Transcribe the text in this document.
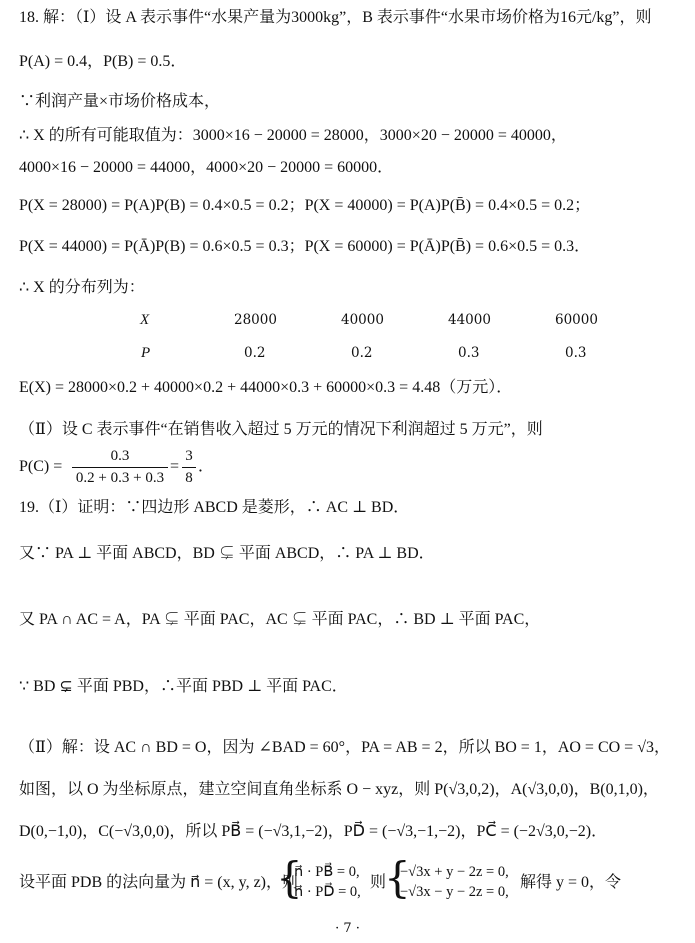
18. 解：（Ⅰ）设 A 表示事件“水果产量为3000kg”，B 表示事件“水果市场价格为16元/kg”，则
P(A) = 0.4，P(B) = 0.5．
∵利润产量×市场价格成本，
∴ X 的所有可能取值为：3000×16 − 20000 = 28000，3000×20 − 20000 = 40000，
4000×16 − 20000 = 44000，4000×20 − 20000 = 60000．
P(X = 28000) = P(A)P(B) = 0.4×0.5 = 0.2；P(X = 40000) = P(A)P(B̄) = 0.4×0.5 = 0.2；
P(X = 44000) = P(Ā)P(B) = 0.6×0.5 = 0.3；P(X = 60000) = P(Ā)P(B̄) = 0.6×0.5 = 0.3．
∴ X 的分布列为：
X	28000	40000	44000	60000
P	0.2	0.2	0.3	0.3
E(X) = 28000×0.2 + 40000×0.2 + 44000×0.3 + 60000×0.3 = 4.48（万元）．
（Ⅱ）设 C 表示事件“在销售收入超过 5 万元的情况下利润超过 5 万元”，则
P(C) =
0.3
0.2 + 0.3 + 0.3
=
3
8
．
19.（Ⅰ）证明：∵四边形 ABCD 是菱形，∴ AC ⊥ BD．
又∵ PA ⊥ 平面 ABCD，BD ⊊ 平面 ABCD，∴ PA ⊥ BD．
又 PA ∩ AC = A，PA ⊊ 平面 PAC，AC ⊊ 平面 PAC，∴ BD ⊥ 平面 PAC，
∵ BD ⊊ 平面 PBD，∴平面 PBD ⊥ 平面 PAC．
（Ⅱ）解：设 AC ∩ BD = O，因为 ∠BAD = 60°，PA = AB = 2，所以 BO = 1，AO = CO = √3，
如图，以 O 为坐标原点，建立空间直角坐标系 O − xyz，则 P(√3,0,2)，A(√3,0,0)，B(0,1,0)，
D(0,−1,0)，C(−√3,0,0)，所以 PB⃗ = (−√3,1,−2)，PD⃗ = (−√3,−1,−2)，PC⃗ = (−2√3,0,−2)．
设平面 PDB 的法向量为 n⃗ = (x, y, z)，则
{
n⃗ · PB⃗ = 0,
n⃗ · PD⃗ = 0,
则
{
−√3x + y − 2z = 0,
−√3x − y − 2z = 0,
解得 y = 0，令
· 7 ·
